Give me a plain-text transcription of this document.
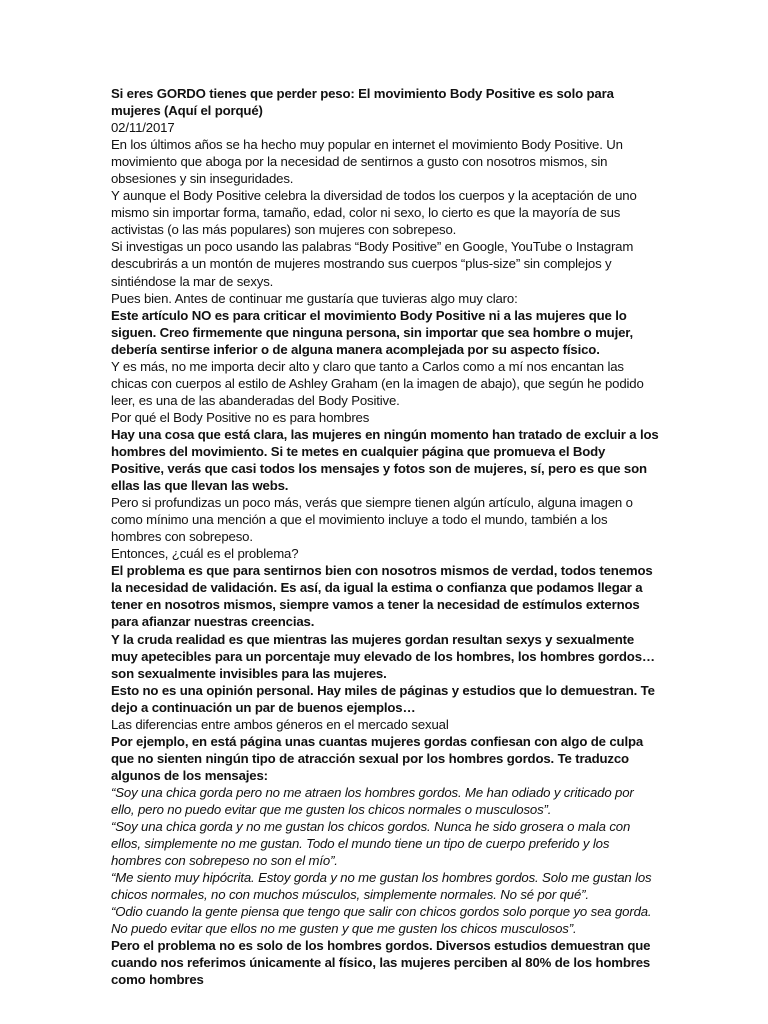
Si eres GORDO tienes que perder peso: El movimiento Body Positive es solo para mujeres (Aquí el porqué)

02/11/2017

En los últimos años se ha hecho muy popular en internet el movimiento Body Positive. Un movimiento que aboga por la necesidad de sentirnos a gusto con nosotros mismos, sin obsesiones y sin inseguridades.

Y aunque el Body Positive celebra la diversidad de todos los cuerpos y la aceptación de uno mismo sin importar forma, tamaño, edad, color ni sexo, lo cierto es que la mayoría de sus activistas (o las más populares) son mujeres con sobrepeso.

Si investigas un poco usando las palabras “Body Positive” en Google, YouTube o Instagram descubrirás a un montón de mujeres mostrando sus cuerpos “plus-size” sin complejos y sintiéndose la mar de sexys.

Pues bien. Antes de continuar me gustaría que tuvieras algo muy claro:

Este artículo NO es para criticar el movimiento Body Positive ni a las mujeres que lo siguen. Creo firmemente que ninguna persona, sin importar que sea hombre o mujer, debería sentirse inferior o de alguna manera acomplejada por su aspecto físico.

Y es más, no me importa decir alto y claro que tanto a Carlos como a mí nos encantan las chicas con cuerpos al estilo de Ashley Graham (en la imagen de abajo), que según he podido leer, es una de las abanderadas del Body Positive.

Por qué el Body Positive no es para hombres

Hay una cosa que está clara, las mujeres en ningún momento han tratado de excluir a los hombres del movimiento. Si te metes en cualquier página que promueva el Body Positive, verás que casi todos los mensajes y fotos son de mujeres, sí, pero es que son ellas las que llevan las webs.

Pero si profundizas un poco más, verás que siempre tienen algún artículo, alguna imagen o como mínimo una mención a que el movimiento incluye a todo el mundo, también a los hombres con sobrepeso.

Entonces, ¿cuál es el problema?

El problema es que para sentirnos bien con nosotros mismos de verdad, todos tenemos la necesidad de validación. Es así, da igual la estima o confianza que podamos llegar a tener en nosotros mismos, siempre vamos a tener la necesidad de estímulos externos para afianzar nuestras creencias.

Y la cruda realidad es que mientras las mujeres gordan resultan sexys y sexualmente muy apetecibles para un porcentaje muy elevado de los hombres, los hombres gordos… son sexualmente invisibles para las mujeres.

Esto no es una opinión personal. Hay miles de páginas y estudios que lo demuestran. Te dejo a continuación un par de buenos ejemplos…

Las diferencias entre ambos géneros en el mercado sexual

Por ejemplo, en está página unas cuantas mujeres gordas confiesan con algo de culpa que no sienten ningún tipo de atracción sexual por los hombres gordos. Te traduzco algunos de los mensajes:

“Soy una chica gorda pero no me atraen los hombres gordos. Me han odiado y criticado por ello, pero no puedo evitar que me gusten los chicos normales o musculosos”.

“Soy una chica gorda y no me gustan los chicos gordos. Nunca he sido grosera o mala con ellos, simplemente no me gustan. Todo el mundo tiene un tipo de cuerpo preferido y los hombres con sobrepeso no son el mío”.

“Me siento muy hipócrita. Estoy gorda y no me gustan los hombres gordos. Solo me gustan los chicos normales, no con muchos músculos, simplemente normales. No sé por qué”.

“Odio cuando la gente piensa que tengo que salir con chicos gordos solo porque yo sea gorda. No puedo evitar que ellos no me gusten y que me gusten los chicos musculosos”.

Pero el problema no es solo de los hombres gordos. Diversos estudios demuestran que cuando nos referimos únicamente al físico, las mujeres perciben al 80% de los hombres como hombres
